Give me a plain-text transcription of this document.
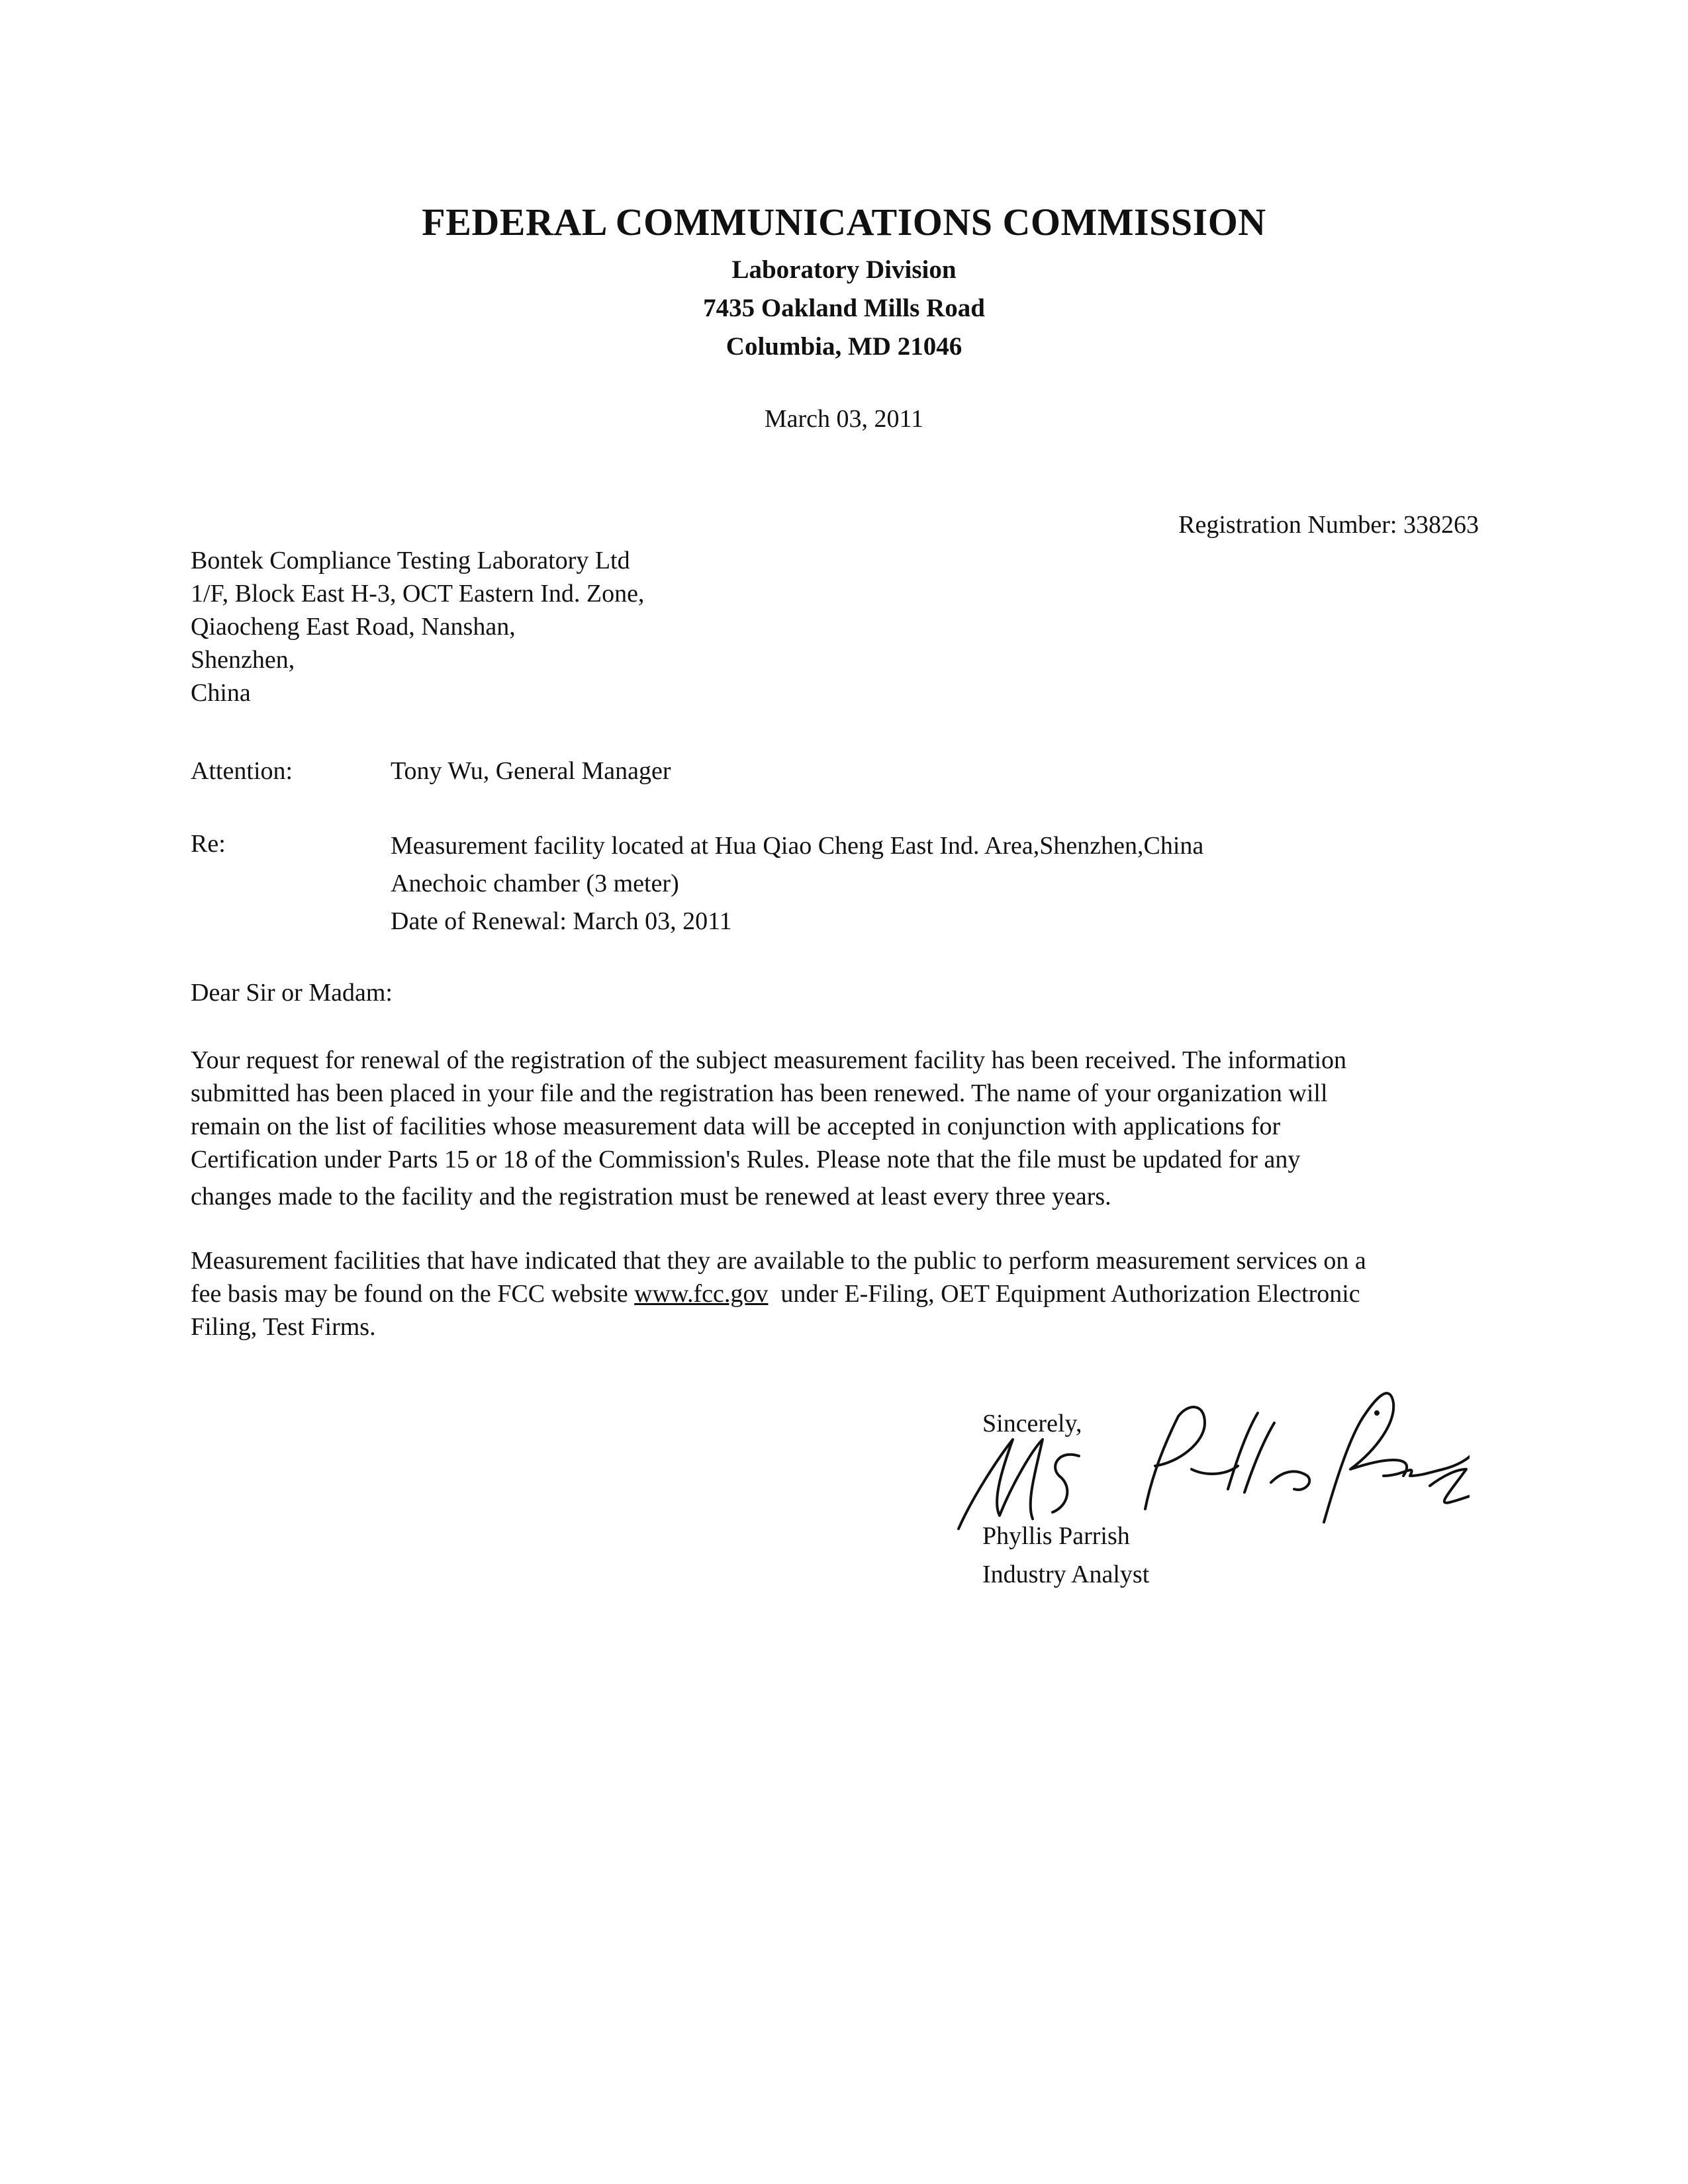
FEDERAL COMMUNICATIONS COMMISSION
Laboratory Division
7435 Oakland Mills Road
Columbia, MD 21046
March 03, 2011
Registration Number: 338263
Bontek Compliance Testing Laboratory Ltd
1/F, Block East H-3, OCT Eastern Ind. Zone,
Qiaocheng East Road, Nanshan,
Shenzhen,
China
Attention:	Tony Wu, General Manager
Re:	Measurement facility located at Hua Qiao Cheng East Ind. Area,Shenzhen,China
Anechoic chamber (3 meter)
Date of Renewal: March 03, 2011
Dear Sir or Madam:
Your request for renewal of the registration of the subject measurement facility has been received. The information
submitted has been placed in your file and the registration has been renewed. The name of your organization will
remain on the list of facilities whose measurement data will be accepted in conjunction with applications for
Certification under Parts 15 or 18 of the Commission's Rules. Please note that the file must be updated for any
changes made to the facility and the registration must be renewed at least every three years.
Measurement facilities that have indicated that they are available to the public to perform measurement services on a
fee basis may be found on the FCC website www.fcc.gov  under E-Filing, OET Equipment Authorization Electronic
Filing, Test Firms.
Sincerely,
Phyllis Parrish
Industry Analyst
